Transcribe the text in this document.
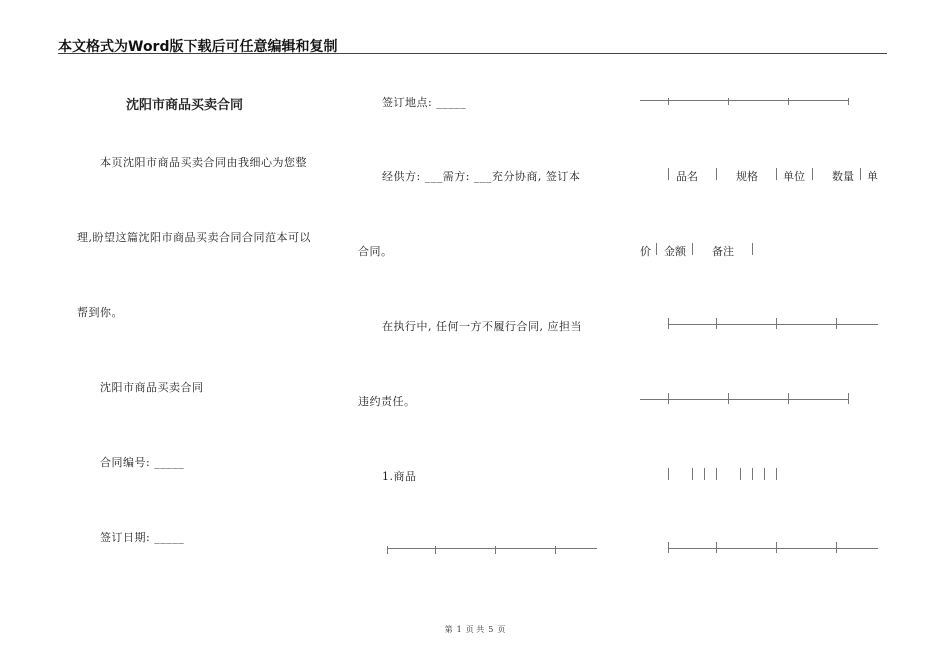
本文格式为Word版下载后可任意编辑和复制
沈阳市商品买卖合同
本页沈阳市商品买卖合同由我细心为您整
理,盼望这篇沈阳市商品买卖合同合同范本可以
帮到你。
沈阳市商品买卖合同
合同编号: _____
签订日期: _____
签订地点: _____
经供方: ___需方: ___充分协商, 签订本
合同。
在执行中, 任何一方不履行合同, 应担当
违约责任。
1.商品
品名	规格 单位 数量 单
价 金额 备注
第 1 页 共 5 页
